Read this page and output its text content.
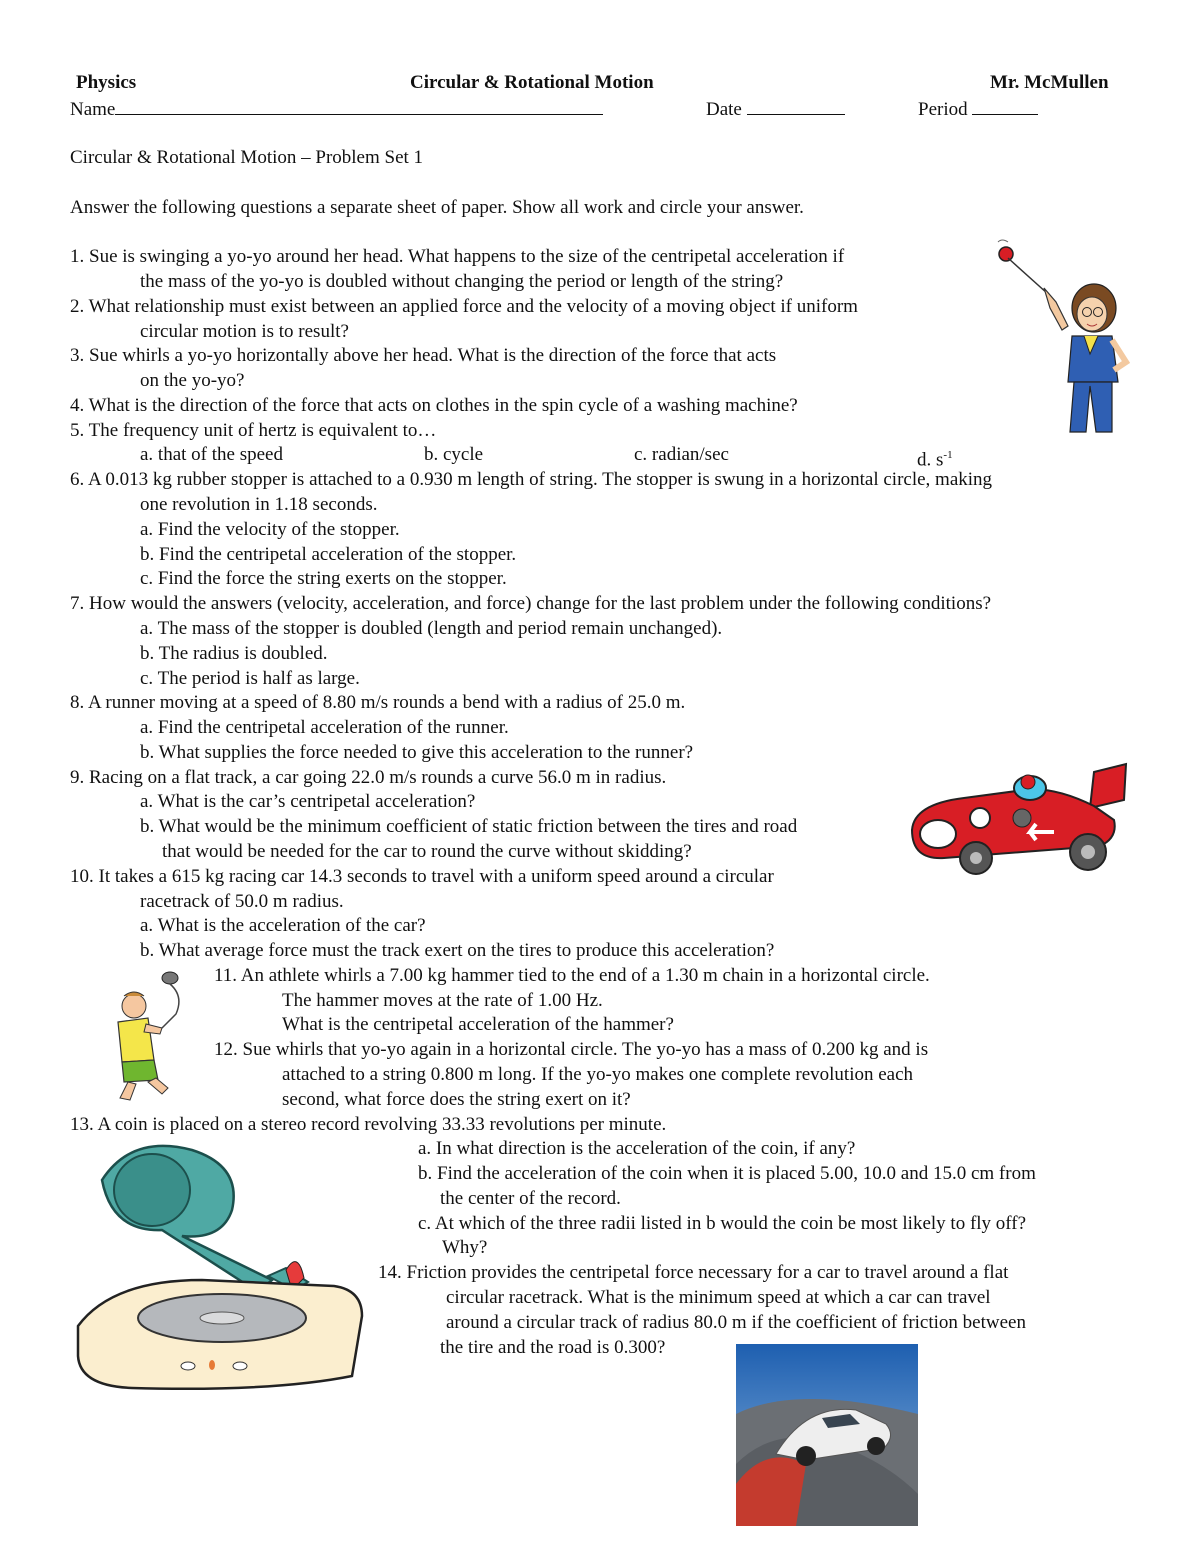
Physics	Circular & Rotational Motion	Mr. McMullen
Name	Date	Period
Circular & Rotational Motion – Problem Set 1
Answer the following questions a separate sheet of paper. Show all work and circle your answer.
1. Sue is swinging a yo-yo around her head. What happens to the size of the centripetal acceleration if
the mass of the yo-yo is doubled without changing the period or length of the string?
2. What relationship must exist between an applied force and the velocity of a moving object if uniform
circular motion is to result?
3. Sue whirls a yo-yo horizontally above her head. What is the direction of the force that acts
on the yo-yo?
4. What is the direction of the force that acts on clothes in the spin cycle of a washing machine?
5. The frequency unit of hertz is equivalent to…
a. that of the speed	b. cycle	c. radian/sec	d. $s^{-1}$
6. A 0.013 kg rubber stopper is attached to a 0.930 m length of string. The stopper is swung in a horizontal circle, making
one revolution in 1.18 seconds.
a. Find the velocity of the stopper.
b. Find the centripetal acceleration of the stopper.
c. Find the force the string exerts on the stopper.
7. How would the answers (velocity, acceleration, and force) change for the last problem under the following conditions?
a. The mass of the stopper is doubled (length and period remain unchanged).
b. The radius is doubled.
c. The period is half as large.
8. A runner moving at a speed of 8.80 m/s rounds a bend with a radius of 25.0 m.
a. Find the centripetal acceleration of the runner.
b. What supplies the force needed to give this acceleration to the runner?
9. Racing on a flat track, a car going 22.0 m/s rounds a curve 56.0 m in radius.
a. What is the car’s centripetal acceleration?
b. What would be the minimum coefficient of static friction between the tires and road
that would be needed for the car to round the curve without skidding?
10. It takes a 615 kg racing car 14.3 seconds to travel with a uniform speed around a circular
racetrack of 50.0 m radius.
a. What is the acceleration of the car?
b. What average force must the track exert on the tires to produce this acceleration?
11. An athlete whirls a 7.00 kg hammer tied to the end of a 1.30 m chain in a horizontal circle.
The hammer moves at the rate of 1.00 Hz.
What is the centripetal acceleration of the hammer?
12. Sue whirls that yo-yo again in a horizontal circle. The yo-yo has a mass of 0.200 kg and is
attached to a string 0.800 m long. If the yo-yo makes one complete revolution each
second, what force does the string exert on it?
13. A coin is placed on a stereo record revolving 33.33 revolutions per minute.
a. In what direction is the acceleration of the coin, if any?
b. Find the acceleration of the coin when it is placed 5.00, 10.0 and 15.0 cm from
the center of the record.
c. At which of the three radii listed in b would the coin be most likely to fly off?
Why?
14. Friction provides the centripetal force necessary for a car to travel around a flat
circular racetrack. What is the minimum speed at which a car can travel
around a circular track of radius 80.0 m if the coefficient of friction between
the tire and the road is 0.300?
